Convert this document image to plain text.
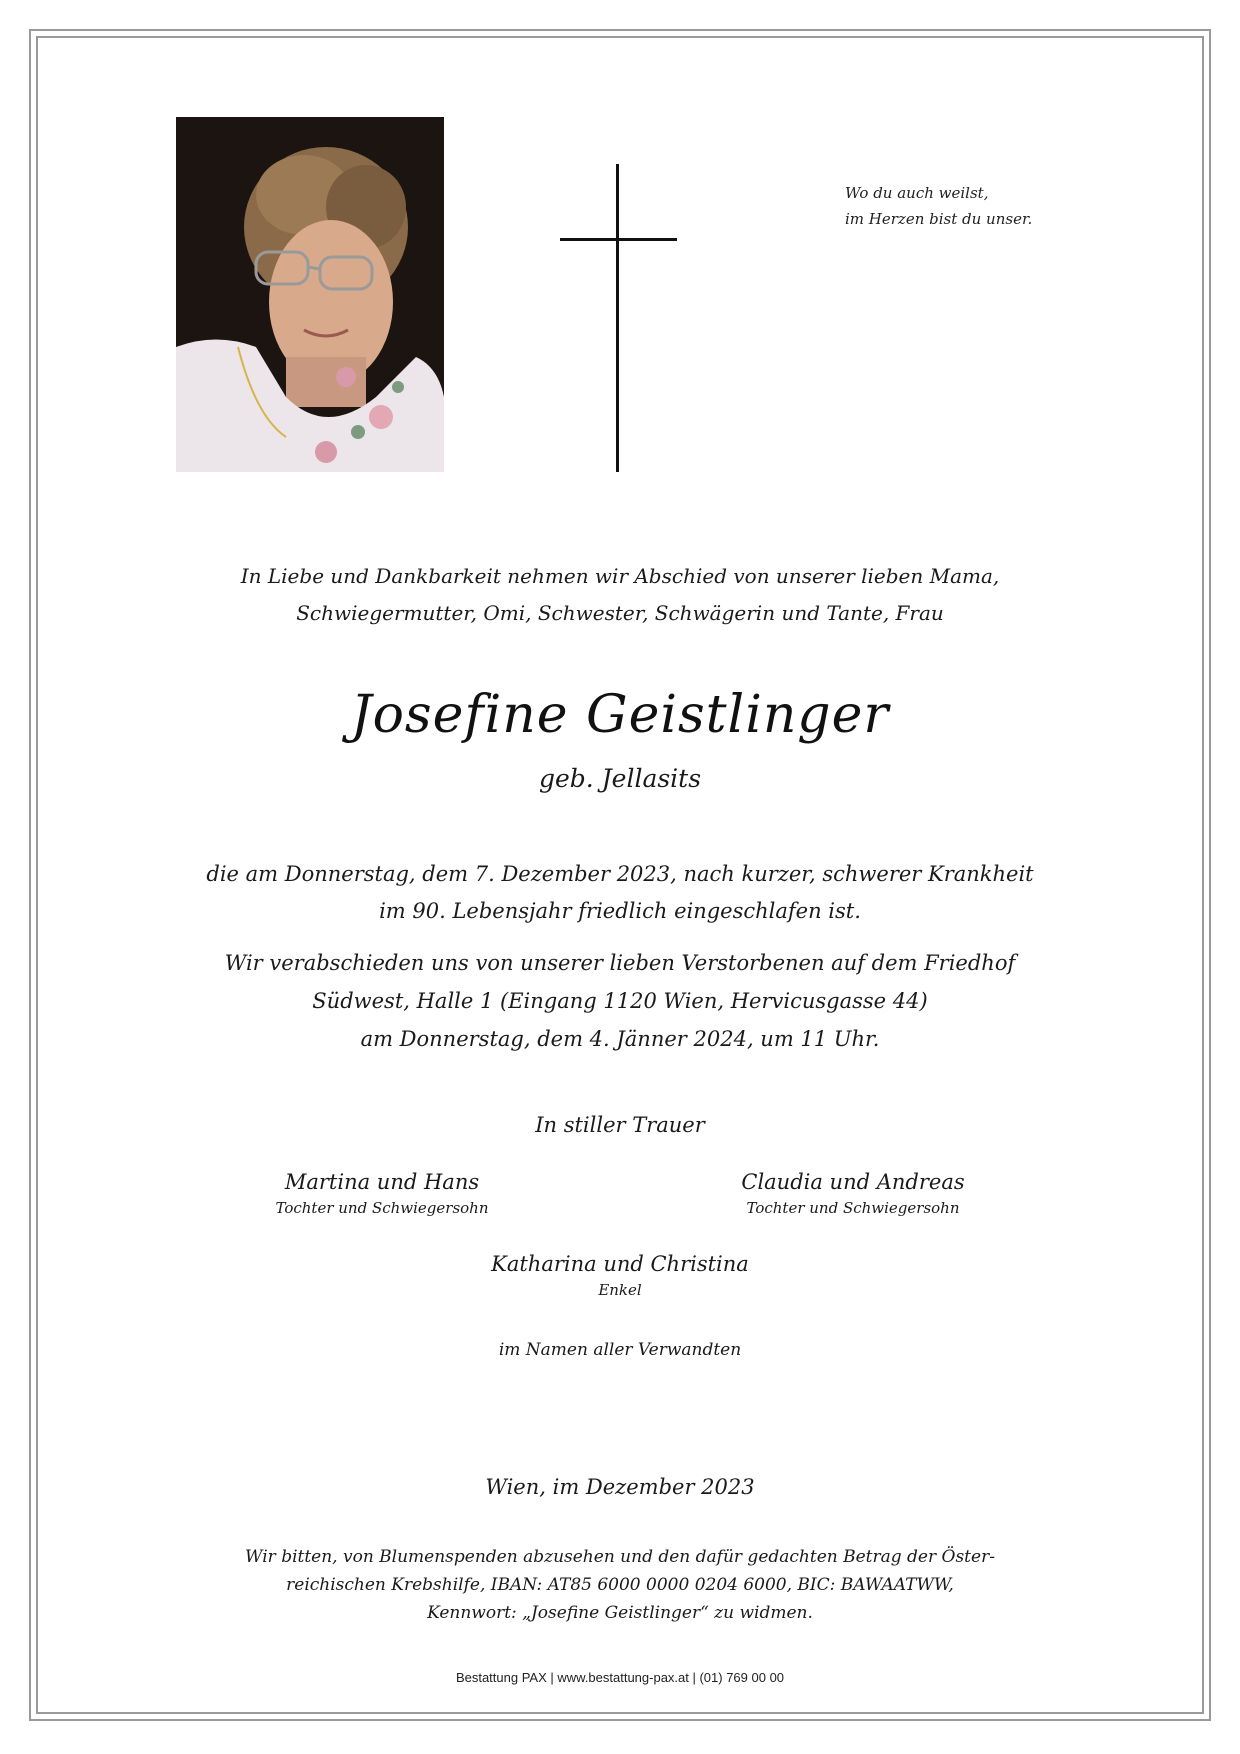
Wo du auch weilst,
im Herzen bist du unser.
In Liebe und Dankbarkeit nehmen wir Abschied von unserer lieben Mama,
Schwiegermutter, Omi, Schwester, Schwägerin und Tante, Frau
Josefine Geistlinger
geb. Jellasits
die am Donnerstag, dem 7. Dezember 2023, nach kurzer, schwerer Krankheit
im 90. Lebensjahr friedlich eingeschlafen ist.
Wir verabschieden uns von unserer lieben Verstorbenen auf dem Friedhof
Südwest, Halle 1 (Eingang 1120 Wien, Hervicusgasse 44)
am Donnerstag, dem 4. Jänner 2024, um 11 Uhr.
In stiller Trauer
Martina und Hans
Tochter und Schwiegersohn
Claudia und Andreas
Tochter und Schwiegersohn
Katharina und Christina
Enkel
im Namen aller Verwandten
Wien, im Dezember 2023
Wir bitten, von Blumenspenden abzusehen und den dafür gedachten Betrag der Öster-
reichischen Krebshilfe, IBAN: AT85 6000 0000 0204 6000, BIC: BAWAATWW,
Kennwort: „Josefine Geistlinger“ zu widmen.
Bestattung PAX | www.bestattung-pax.at | (01) 769 00 00
